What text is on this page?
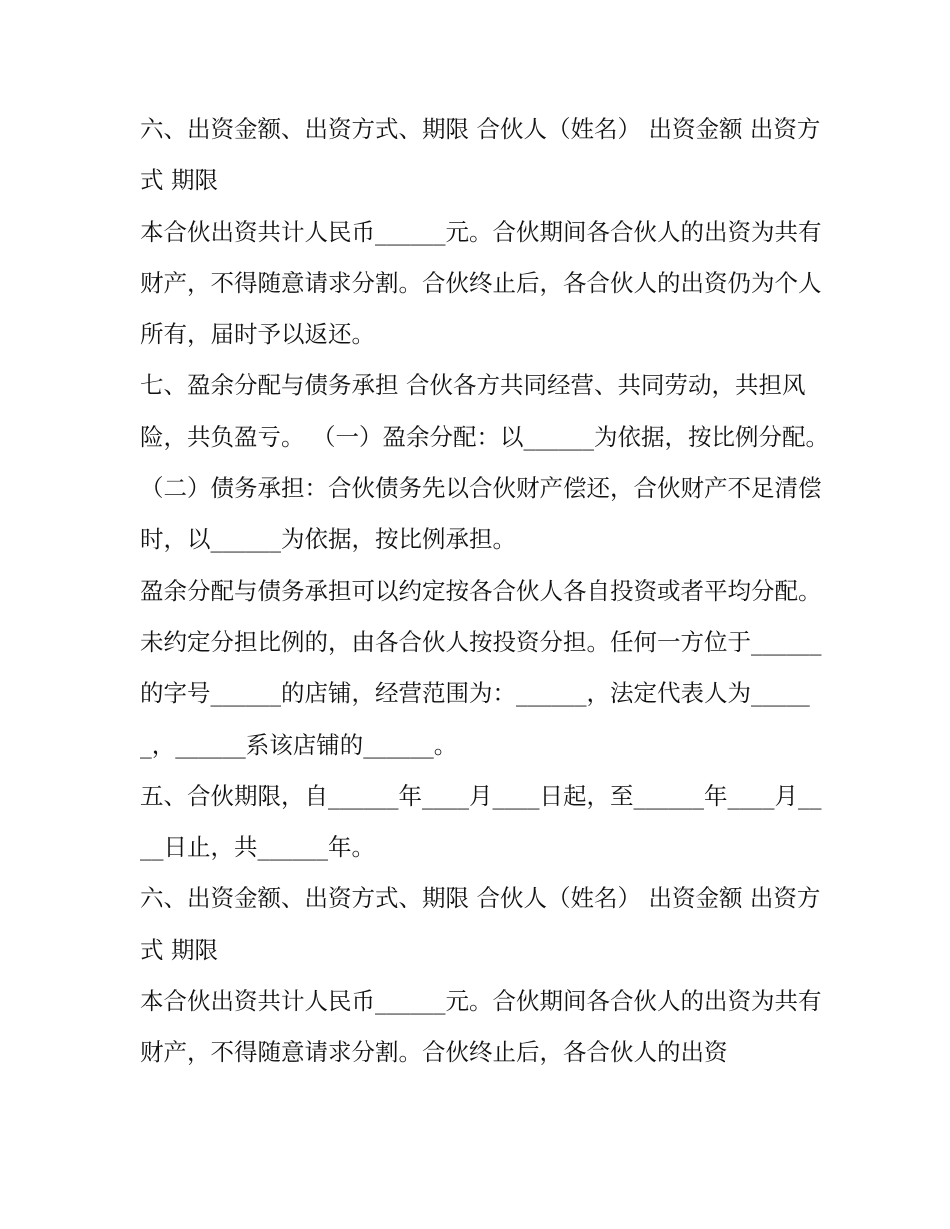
六、出资金额、出资方式、期限 合伙人（姓名） 出资金额 出资方式 期限

本合伙出资共计人民币______元。合伙期间各合伙人的出资为共有财产，不得随意请求分割。合伙终止后，各合伙人的出资仍为个人所有，届时予以返还。

七、盈余分配与债务承担 合伙各方共同经营、共同劳动，共担风险，共负盈亏。 （一）盈余分配：以______为依据，按比例分配。

（二）债务承担：合伙债务先以合伙财产偿还，合伙财产不足清偿时，以______为依据，按比例承担。

盈余分配与债务承担可以约定按各合伙人各自投资或者平均分配。未约定分担比例的，由各合伙人按投资分担。任何一方位于______的字号______的店铺，经营范围为：______，法定代表人为______，______系该店铺的______。

五、合伙期限，自______年____月____日起，至______年____月____日止，共______年。

六、出资金额、出资方式、期限 合伙人（姓名） 出资金额 出资方式 期限

本合伙出资共计人民币______元。合伙期间各合伙人的出资为共有财产，不得随意请求分割。合伙终止后，各合伙人的出资
